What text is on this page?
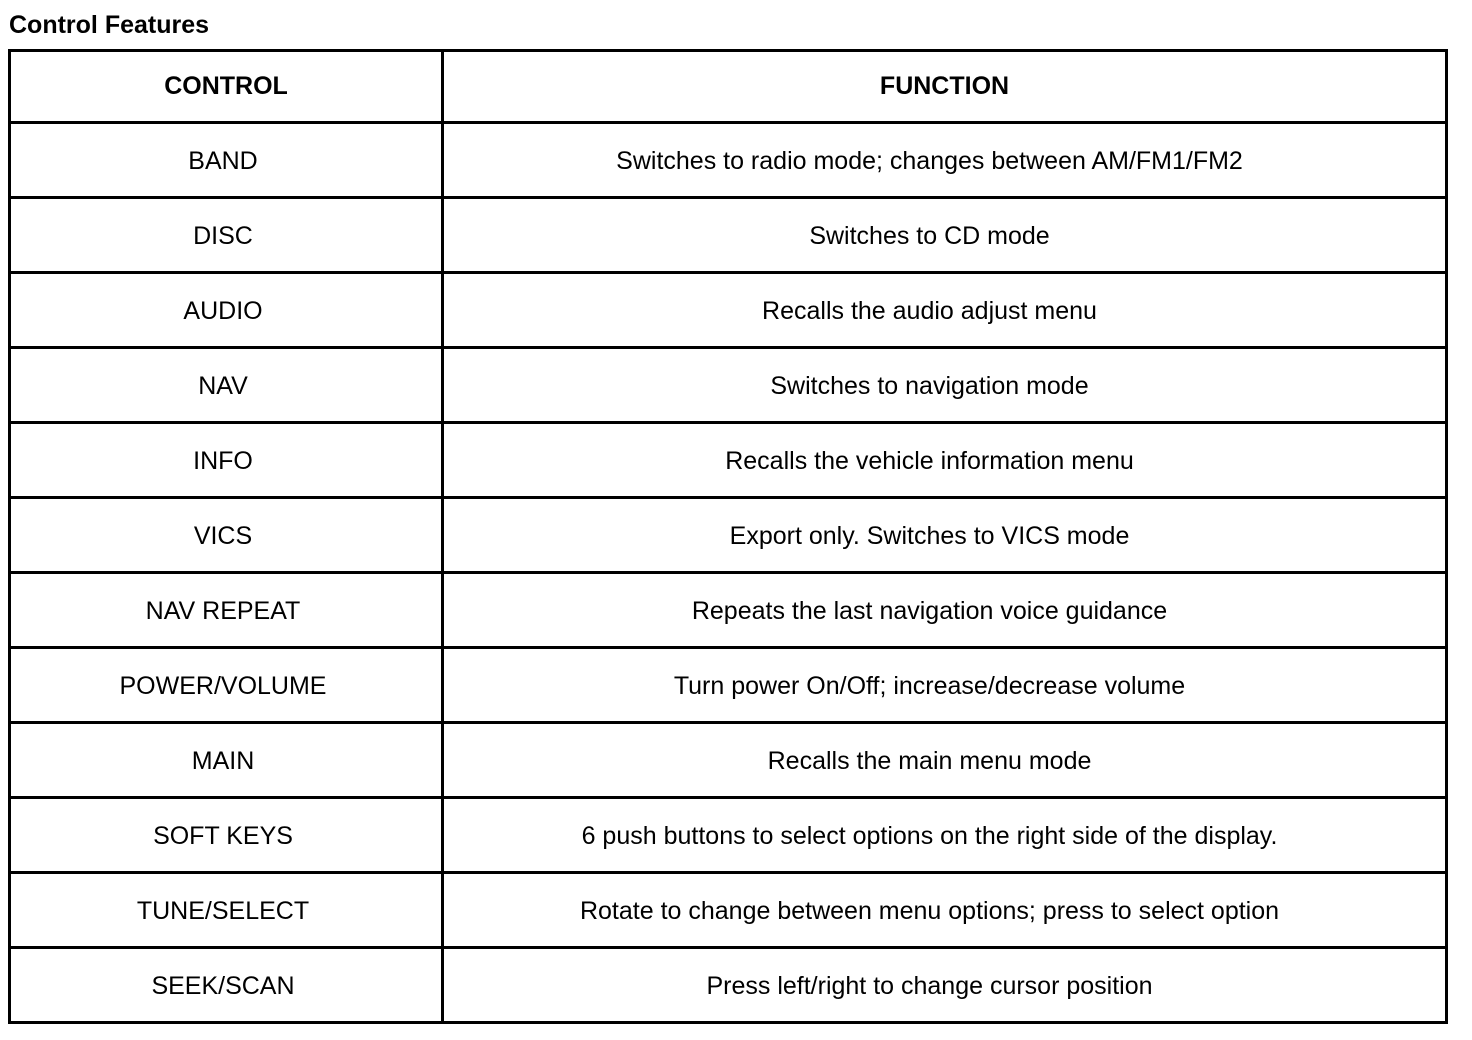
Control Features
CONTROL	FUNCTION
BAND	Switches to radio mode; changes between AM/FM1/FM2
DISC	Switches to CD mode
AUDIO	Recalls the audio adjust menu
NAV	Switches to navigation mode
INFO	Recalls the vehicle information menu
VICS	Export only. Switches to VICS mode
NAV REPEAT	Repeats the last navigation voice guidance
POWER/VOLUME	Turn power On/Off; increase/decrease volume
MAIN	Recalls the main menu mode
SOFT KEYS	6 push buttons to select options on the right side of the display.
TUNE/SELECT	Rotate to change between menu options; press to select option
SEEK/SCAN	Press left/right to change cursor position
